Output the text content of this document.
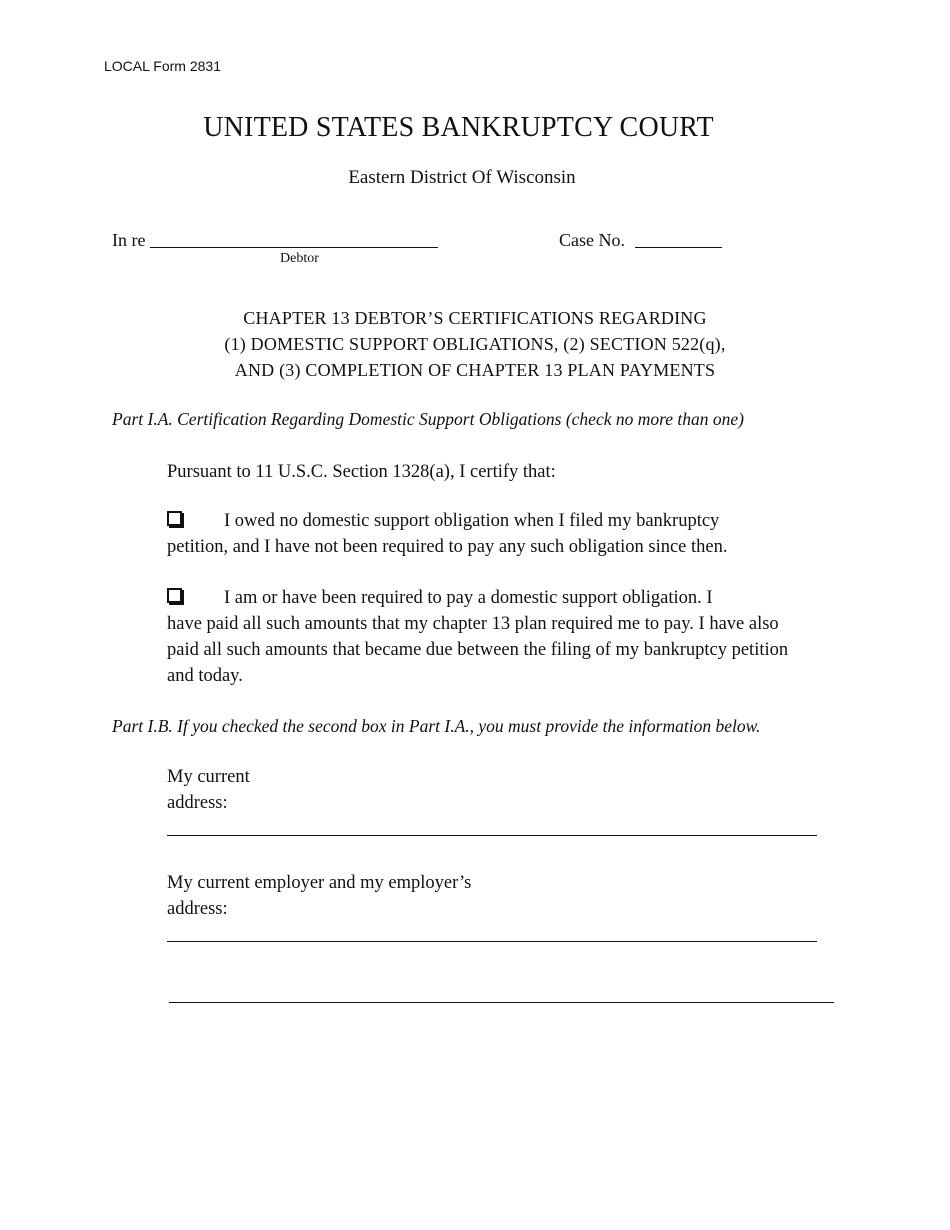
LOCAL Form 2831
UNITED STATES BANKRUPTCY COURT
Eastern District Of Wisconsin
In re
Debtor
Case No.
CHAPTER 13 DEBTOR’S CERTIFICATIONS REGARDING
(1) DOMESTIC SUPPORT OBLIGATIONS, (2) SECTION 522(q),
AND (3) COMPLETION OF CHAPTER 13 PLAN PAYMENTS
Part I.A. Certification Regarding Domestic Support Obligations (check no more than one)
Pursuant to 11 U.S.C. Section 1328(a), I certify that:
I owed no domestic support obligation when I filed my bankruptcy
petition, and I have not been required to pay any such obligation since then.
I am or have been required to pay a domestic support obligation. I
have paid all such amounts that my chapter 13 plan required me to pay. I have also paid all such amounts that became due between the filing of my bankruptcy petition and today.
Part I.B. If you checked the second box in Part I.A., you must provide the information below.
My current
address:
My current employer and my employer’s
address:
